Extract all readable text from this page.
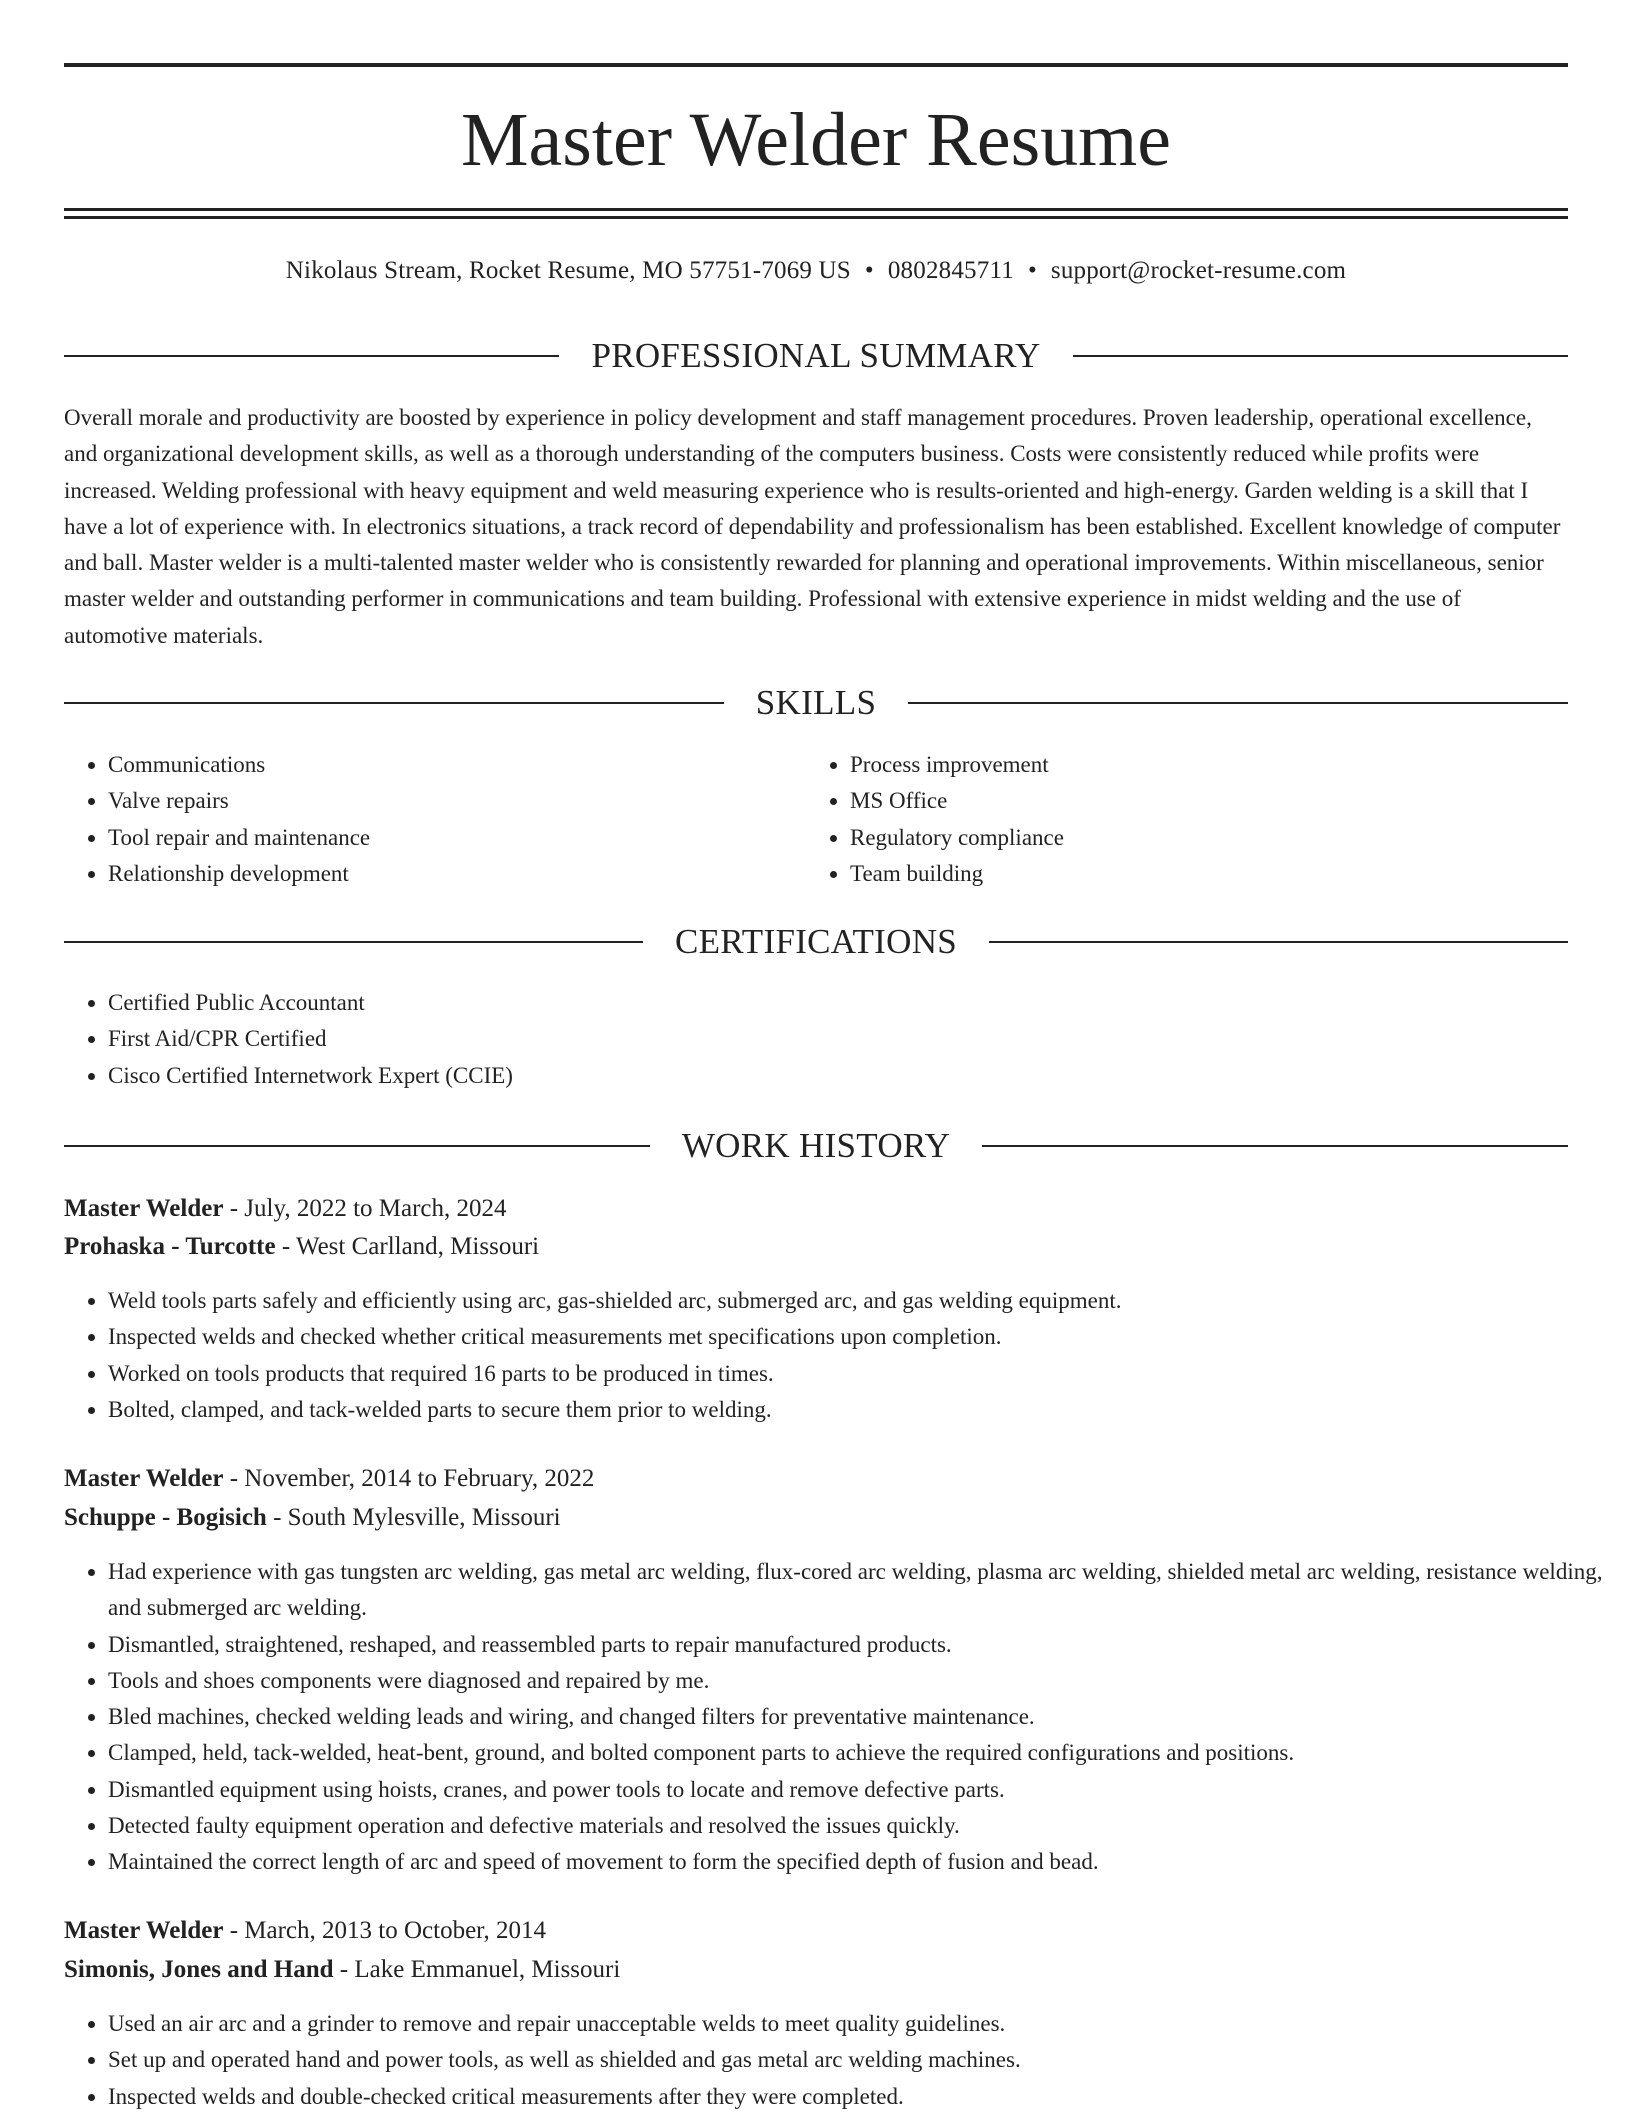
Master Welder Resume
Nikolaus Stream, Rocket Resume, MO 57751-7069 US • 0802845711 • support@rocket-resume.com
PROFESSIONAL SUMMARY

Overall morale and productivity are boosted by experience in policy development and staff management procedures. Proven leadership, operational excellence, and organizational development skills, as well as a thorough understanding of the computers business. Costs were consistently reduced while profits were increased. Welding professional with heavy equipment and weld measuring experience who is results-oriented and high-energy. Garden welding is a skill that I have a lot of experience with. In electronics situations, a track record of dependability and professionalism has been established. Excellent knowledge of computer and ball. Master welder is a multi-talented master welder who is consistently rewarded for planning and operational improvements. Within miscellaneous, senior master welder and outstanding performer in communications and team building. Professional with extensive experience in midst welding and the use of automotive materials.

SKILLS
• Communications
• Valve repairs
• Tool repair and maintenance
• Relationship development
• Process improvement
• MS Office
• Regulatory compliance
• Team building
CERTIFICATIONS
• Certified Public Accountant
• First Aid/CPR Certified
• Cisco Certified Internetwork Expert (CCIE)
WORK HISTORY
Master Welder - July, 2022 to March, 2024
Prohaska - Turcotte - West Carlland, Missouri
• Weld tools parts safely and efficiently using arc, gas-shielded arc, submerged arc, and gas welding equipment.
• Inspected welds and checked whether critical measurements met specifications upon completion.
• Worked on tools products that required 16 parts to be produced in times.
• Bolted, clamped, and tack-welded parts to secure them prior to welding.
Master Welder - November, 2014 to February, 2022
Schuppe - Bogisich - South Mylesville, Missouri
• Had experience with gas tungsten arc welding, gas metal arc welding, flux-cored arc welding, plasma arc welding, shielded metal arc welding, resistance welding, and submerged arc welding.
• Dismantled, straightened, reshaped, and reassembled parts to repair manufactured products.
• Tools and shoes components were diagnosed and repaired by me.
• Bled machines, checked welding leads and wiring, and changed filters for preventative maintenance.
• Clamped, held, tack-welded, heat-bent, ground, and bolted component parts to achieve the required configurations and positions.
• Dismantled equipment using hoists, cranes, and power tools to locate and remove defective parts.
• Detected faulty equipment operation and defective materials and resolved the issues quickly.
• Maintained the correct length of arc and speed of movement to form the specified depth of fusion and bead.
Master Welder - March, 2013 to October, 2014
Simonis, Jones and Hand - Lake Emmanuel, Missouri
• Used an air arc and a grinder to remove and repair unacceptable welds to meet quality guidelines.
• Set up and operated hand and power tools, as well as shielded and gas metal arc welding machines.
• Inspected welds and double-checked critical measurements after they were completed.
